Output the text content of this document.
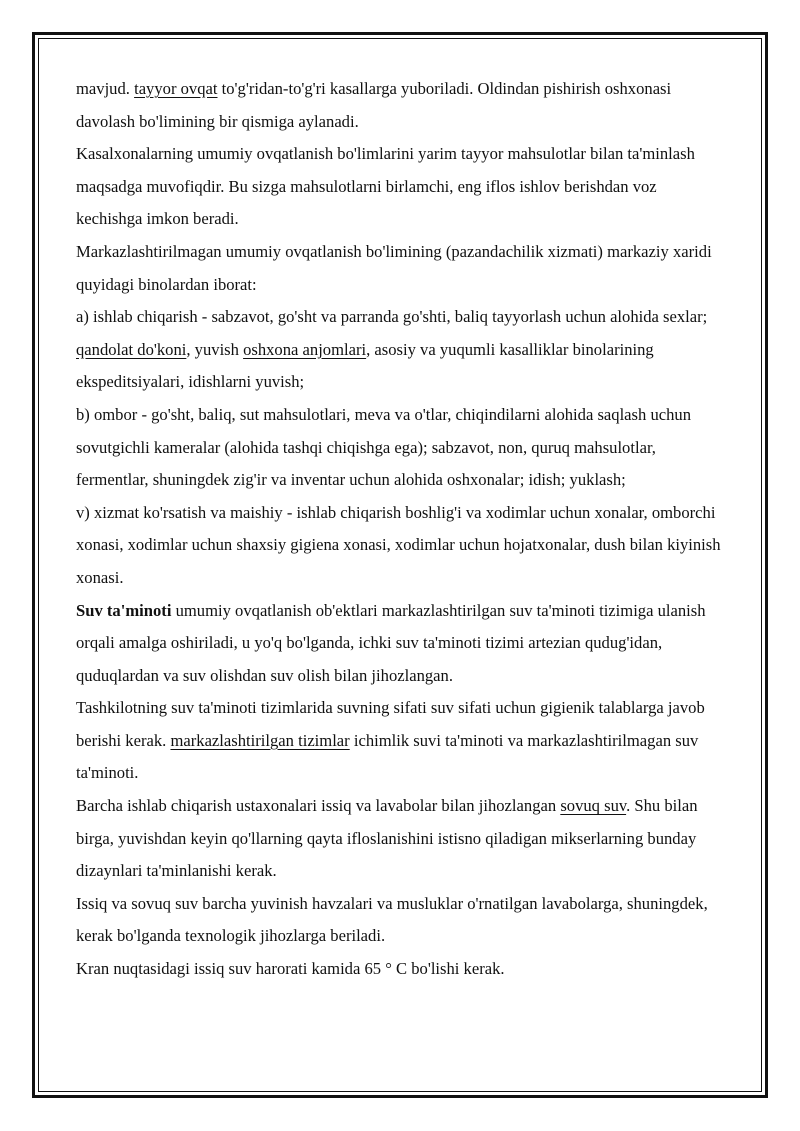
mavjud. tayyor ovqat to'g'ridan-to'g'ri kasallarga yuboriladi. Oldindan pishirish oshxonasi davolash bo'limining bir qismiga aylanadi.

Kasalxonalarning umumiy ovqatlanish bo'limlarini yarim tayyor mahsulotlar bilan ta'minlash maqsadga muvofiqdir. Bu sizga mahsulotlarni birlamchi, eng iflos ishlov berishdan voz kechishga imkon beradi.

Markazlashtirilmagan umumiy ovqatlanish bo'limining (pazandachilik xizmati) markaziy xaridi quyidagi binolardan iborat:

a) ishlab chiqarish - sabzavot, go'sht va parranda go'shti, baliq tayyorlash uchun alohida sexlar; qandolat do'koni, yuvish oshxona anjomlari, asosiy va yuqumli kasalliklar binolarining ekspeditsiyalari, idishlarni yuvish;

b) ombor - go'sht, baliq, sut mahsulotlari, meva va o'tlar, chiqindilarni alohida saqlash uchun sovutgichli kameralar (alohida tashqi chiqishga ega); sabzavot, non, quruq mahsulotlar, fermentlar, shuningdek zig'ir va inventar uchun alohida oshxonalar; idish; yuklash;

v) xizmat ko'rsatish va maishiy - ishlab chiqarish boshlig'i va xodimlar uchun xonalar, omborchi xonasi, xodimlar uchun shaxsiy gigiena xonasi, xodimlar uchun hojatxonalar, dush bilan kiyinish xonasi.

Suv ta'minoti umumiy ovqatlanish ob'ektlari markazlashtirilgan suv ta'minoti tizimiga ulanish orqali amalga oshiriladi, u yo'q bo'lganda, ichki suv ta'minoti tizimi artezian qudug'idan, quduqlardan va suv olishdan suv olish bilan jihozlangan.

Tashkilotning suv ta'minoti tizimlarida suvning sifati suv sifati uchun gigienik talablarga javob berishi kerak. markazlashtirilgan tizimlar ichimlik suvi ta'minoti va markazlashtirilmagan suv ta'minoti.

Barcha ishlab chiqarish ustaxonalari issiq va lavabolar bilan jihozlangan sovuq suv. Shu bilan birga, yuvishdan keyin qo'llarning qayta ifloslanishini istisno qiladigan mikserlarning bunday dizaynlari ta'minlanishi kerak.

Issiq va sovuq suv barcha yuvinish havzalari va musluklar o'rnatilgan lavabolarga, shuningdek, kerak bo'lganda texnologik jihozlarga beriladi.

Kran nuqtasidagi issiq suv harorati kamida 65 ° C bo'lishi kerak.
